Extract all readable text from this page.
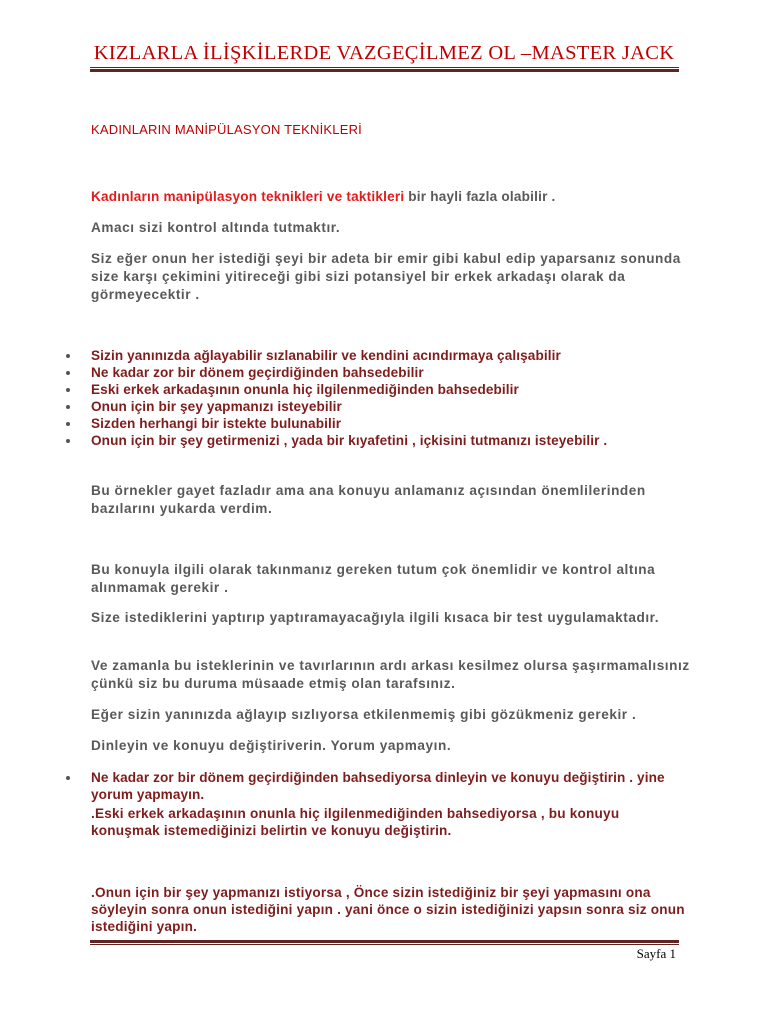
KIZLARLA İLİŞKİLERDE VAZGEÇİLMEZ OL –MASTER JACK
KADINLARIN MANİPÜLASYON TEKNİKLERİ
Kadınların manipülasyon teknikleri ve taktikleri bir hayli fazla olabilir .
Amacı sizi kontrol altında tutmaktır.
Siz eğer onun her istediği şeyi bir adeta bir emir gibi kabul edip yaparsanız sonunda size karşı çekimini yitireceği gibi sizi potansiyel bir erkek arkadaşı olarak da görmeyecektir .
Sizin yanınızda ağlayabilir sızlanabilir ve kendini acındırmaya çalışabilir
Ne kadar zor bir dönem geçirdiğinden bahsedebilir
Eski erkek arkadaşının onunla hiç ilgilenmediğinden bahsedebilir
Onun için bir şey yapmanızı isteyebilir
Sizden herhangi bir istekte bulunabilir
Onun için bir şey getirmenizi , yada bir kıyafetini , içkisini tutmanızı isteyebilir .
Bu örnekler gayet fazladır ama ana konuyu anlamanız açısından önemlilerinden bazılarını yukarda verdim.
Bu konuyla ilgili olarak takınmanız gereken tutum çok önemlidir ve kontrol altına alınmamak gerekir .
Size istediklerini yaptırıp yaptıramayacağıyla ilgili kısaca bir test uygulamaktadır.
Ve zamanla bu isteklerinin ve tavırlarının ardı arkası kesilmez olursa şaşırmamalısınız çünkü siz bu duruma müsaade etmiş olan tarafsınız.
Eğer sizin yanınızda ağlayıp sızlıyorsa etkilenmemiş gibi gözükmeniz gerekir .
Dinleyin ve konuyu değiştiriverin. Yorum yapmayın.
Ne kadar zor bir dönem geçirdiğinden bahsediyorsa dinleyin ve konuyu değiştirin . yine yorum yapmayın.
.Eski erkek arkadaşının onunla hiç ilgilenmediğinden bahsediyorsa , bu konuyu konuşmak istemediğinizi belirtin ve konuyu değiştirin.
.Onun için bir şey yapmanızı istiyorsa , Önce sizin istediğiniz bir şeyi yapmasını ona söyleyin sonra onun istediğini yapın . yani önce o sizin istediğinizi yapsın sonra siz onun istediğini yapın.
Sayfa 1
